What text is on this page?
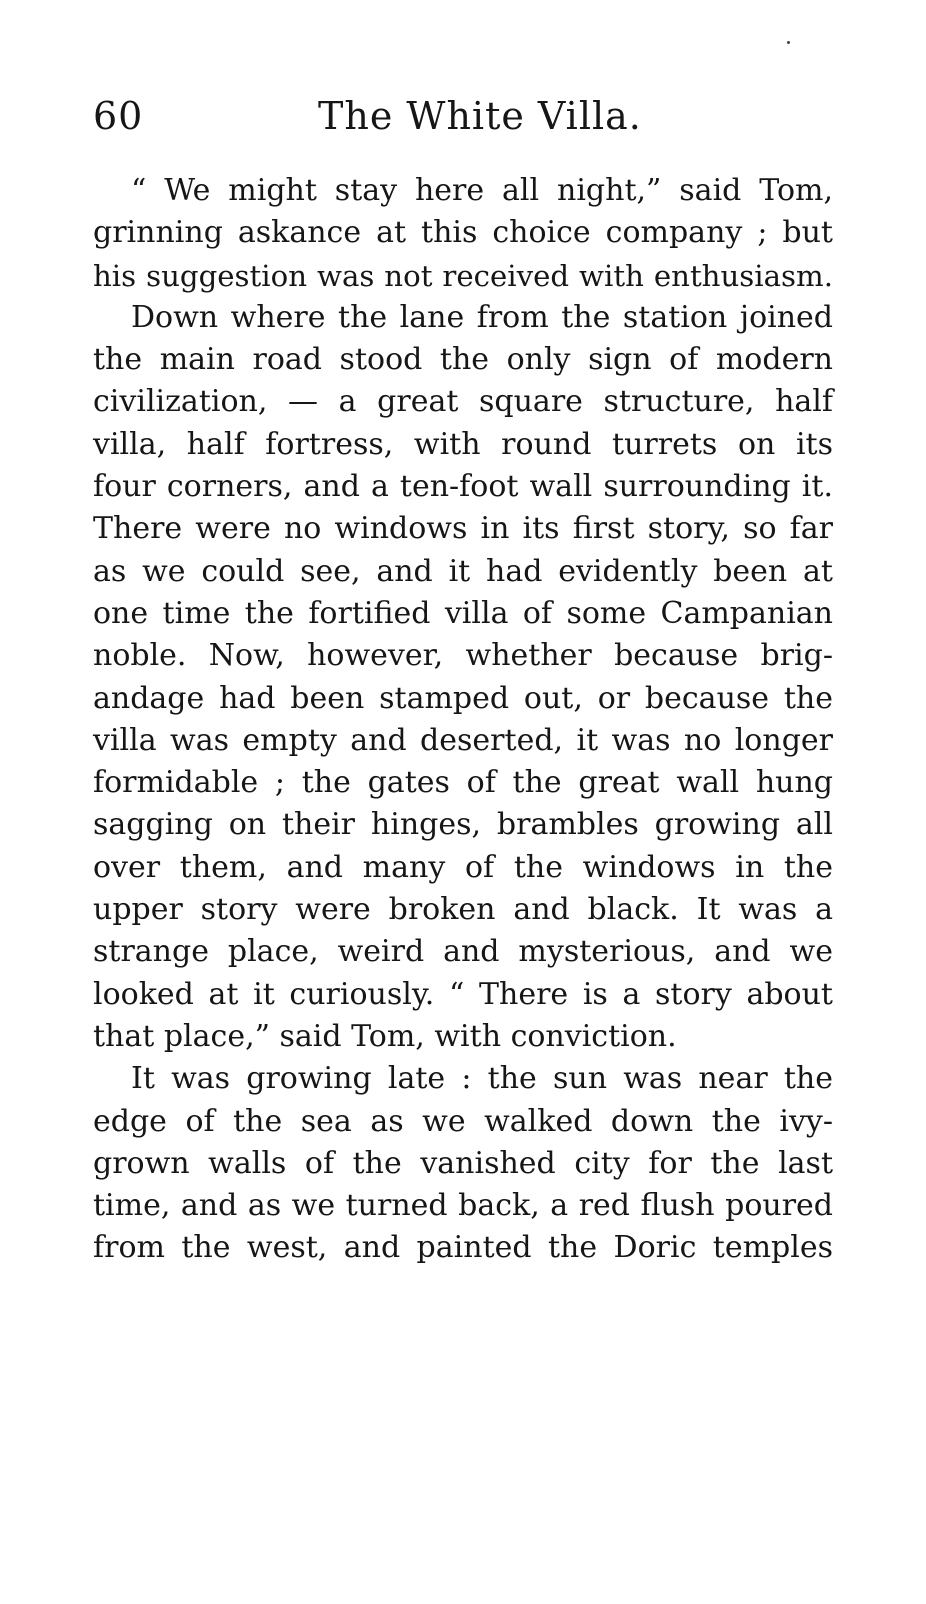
60	The White Villa.
“ We might stay here all night,” said Tom,
grinning askance at this choice company ; but
his suggestion was not received with enthusiasm.
Down where the lane from the station joined
the main road stood the only sign of modern
civilization, — a great square structure, half
villa, half fortress, with round turrets on its
four corners, and a ten-foot wall surrounding it.
There were no windows in its first story, so far
as we could see, and it had evidently been at
one time the fortified villa of some Campanian
noble. Now, however, whether because brig-
andage had been stamped out, or because the
villa was empty and deserted, it was no longer
formidable ; the gates of the great wall hung
sagging on their hinges, brambles growing all
over them, and many of the windows in the
upper story were broken and black. It was a
strange place, weird and mysterious, and we
looked at it curiously. “ There is a story about
that place,” said Tom, with conviction.
It was growing late : the sun was near the
edge of the sea as we walked down the ivy-
grown walls of the vanished city for the last
time, and as we turned back, a red flush poured
from the west, and painted the Doric temples
